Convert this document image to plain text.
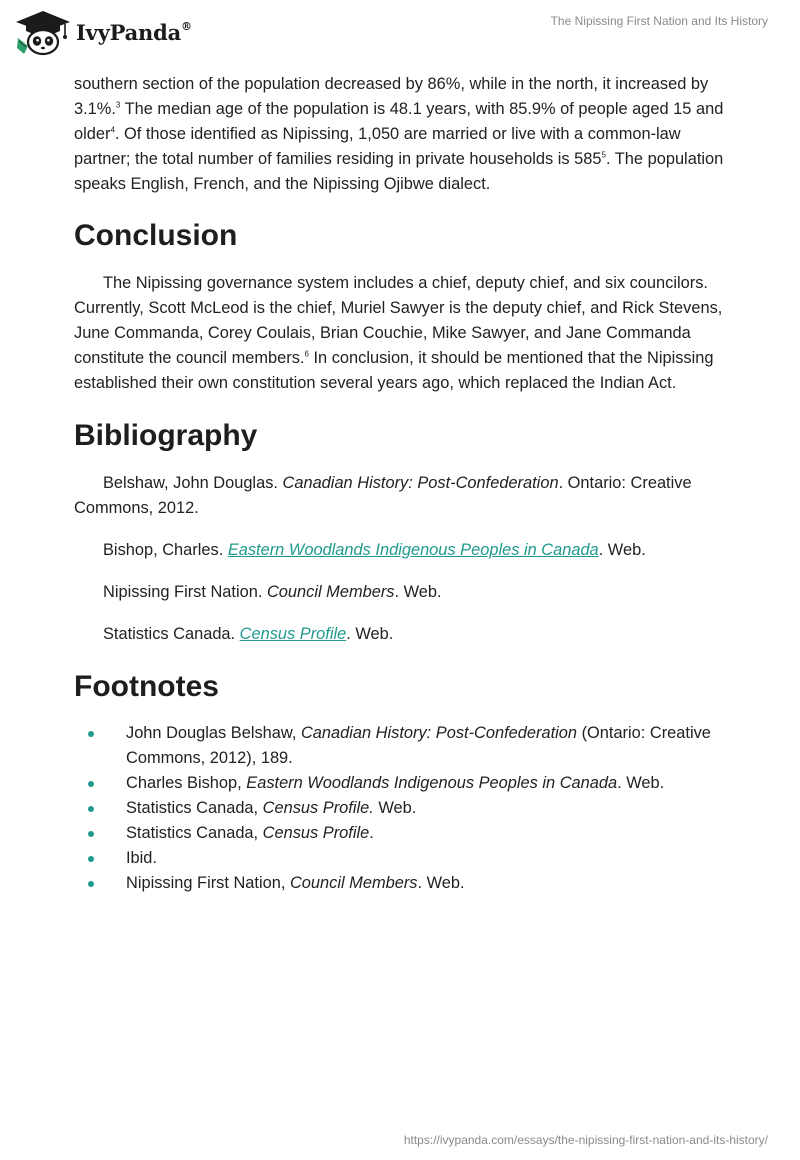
IvyPanda®	The Nipissing First Nation and Its History

southern section of the population decreased by 86%, while in the north, it increased by 3.1%.$^3$ The median age of the population is 48.1 years, with 85.9% of people aged 15 and older$^4$. Of those identified as Nipissing, 1,050 are married or live with a common-law partner; the total number of families residing in private households is 585$^5$. The population speaks English, French, and the Nipissing Ojibwe dialect.

Conclusion

The Nipissing governance system includes a chief, deputy chief, and six councilors. Currently, Scott McLeod is the chief, Muriel Sawyer is the deputy chief, and Rick Stevens, June Commanda, Corey Coulais, Brian Couchie, Mike Sawyer, and Jane Commanda constitute the council members.$^6$ In conclusion, it should be mentioned that the Nipissing established their own constitution several years ago, which replaced the Indian Act.

Bibliography
Belshaw, John Douglas. Canadian History: Post-Confederation. Ontario: Creative Commons, 2012.
Bishop, Charles. Eastern Woodlands Indigenous Peoples in Canada. Web.
Nipissing First Nation. Council Members. Web.
Statistics Canada. Census Profile. Web.
Footnotes
John Douglas Belshaw, Canadian History: Post-Confederation (Ontario: Creative Commons, 2012), 189.
Charles Bishop, Eastern Woodlands Indigenous Peoples in Canada. Web.
Statistics Canada, Census Profile. Web.
Statistics Canada, Census Profile.
Ibid.
Nipissing First Nation, Council Members. Web.
https://ivypanda.com/essays/the-nipissing-first-nation-and-its-history/
